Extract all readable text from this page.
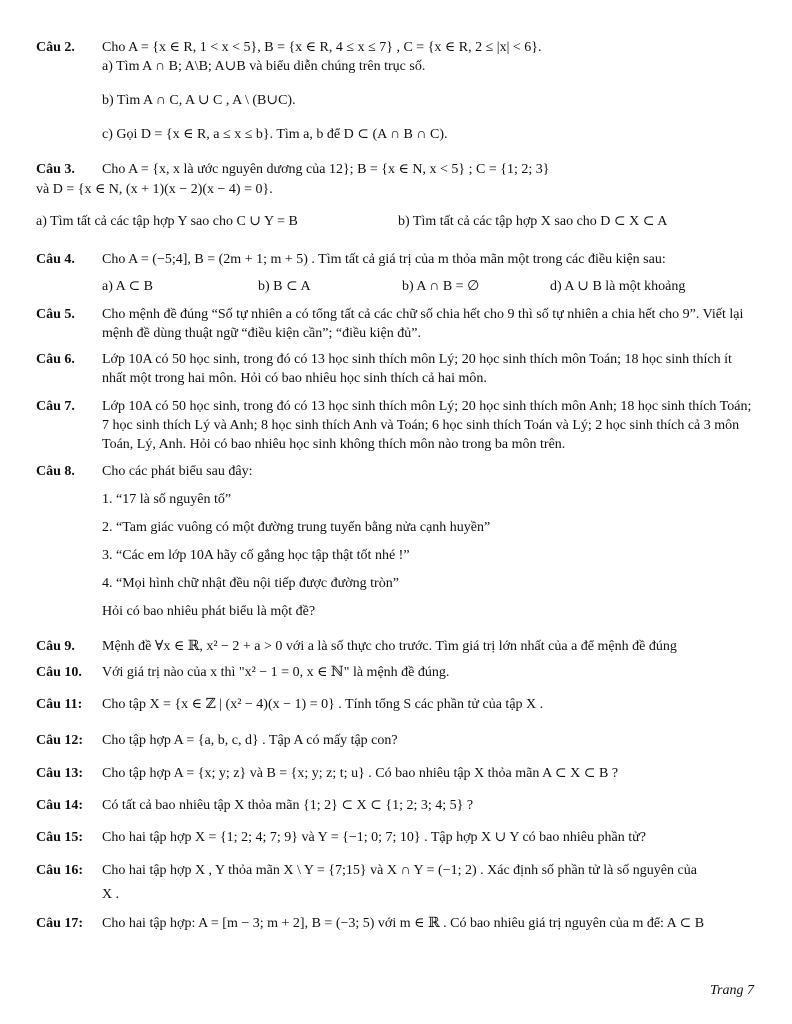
Câu 2. Cho A = {x ∈ R, 1 < x < 5}, B = {x ∈ R, 4 ≤ x ≤ 7} , C = {x ∈ R, 2 ≤ |x| < 6}.
a) Tìm A ∩ B; A\B; A∪B và biểu diễn chúng trên trục số.
b) Tìm A ∩ C, A ∪ C , A \ (B∪C).
c) Gọi D = {x ∈ R, a ≤ x ≤ b}. Tìm a, b để D ⊂ (A ∩ B ∩ C).
Câu 3. Cho A = {x, x là ước nguyên dương của 12}; B = {x ∈ N, x < 5} ; C = {1; 2; 3}
và D = {x ∈ N, (x + 1)(x − 2)(x − 4) = 0}.
a) Tìm tất cả các tập hợp Y sao cho C ∪ Y = B	b) Tìm tất cả các tập hợp X sao cho D ⊂ X ⊂ A
Câu 4. Cho A = (−5;4], B = (2m + 1; m + 5) . Tìm tất cả giá trị của m thỏa mãn một trong các điều kiện sau:
a) A ⊂ B	b) B ⊂ A	b) A ∩ B = ∅	d) A ∪ B là một khoảng
Câu 5. Cho mệnh đề đúng “Số tự nhiên a có tổng tất cả các chữ số chia hết cho 9 thì số tự nhiên a chia hết cho 9”. Viết lại mệnh đề dùng thuật ngữ “điều kiện cần”; “điều kiện đủ”.
Câu 6. Lớp 10A có 50 học sinh, trong đó có 13 học sinh thích môn Lý; 20 học sinh thích môn Toán; 18 học sinh thích ít nhất một trong hai môn. Hỏi có bao nhiêu học sinh thích cả hai môn.
Câu 7. Lớp 10A có 50 học sinh, trong đó có 13 học sinh thích môn Lý; 20 học sinh thích môn Anh; 18 học sinh thích Toán; 7 học sinh thích Lý và Anh; 8 học sinh thích Anh và Toán; 6 học sinh thích Toán và Lý; 2 học sinh thích cả 3 môn Toán, Lý, Anh. Hỏi có bao nhiêu học sinh không thích môn nào trong ba môn trên.
Câu 8. Cho các phát biểu sau đây:
1. “17 là số nguyên tố”
2. “Tam giác vuông có một đường trung tuyến bằng nửa cạnh huyền”
3. “Các em lớp 10A hãy cố gắng học tập thật tốt nhé !”
4. “Mọi hình chữ nhật đều nội tiếp được đường tròn”
Hỏi có bao nhiêu phát biểu là một đề?
Câu 9. Mệnh đề ∀x ∈ ℝ, x² − 2 + a > 0 với a là số thực cho trước. Tìm giá trị lớn nhất của a để mệnh đề đúng
Câu 10. Với giá trị nào của x thì "x² − 1 = 0, x ∈ ℕ" là mệnh đề đúng.
Câu 11: Cho tập X = {x ∈ ℤ | (x² − 4)(x − 1) = 0} . Tính tổng S các phần tử của tập X .
Câu 12: Cho tập hợp A = {a, b, c, d} . Tập A có mấy tập con?
Câu 13: Cho tập hợp A = {x; y; z} và B = {x; y; z; t; u} . Có bao nhiêu tập X thỏa mãn A ⊂ X ⊂ B ?
Câu 14: Có tất cả bao nhiêu tập X thỏa mãn {1; 2} ⊂ X ⊂ {1; 2; 3; 4; 5} ?
Câu 15: Cho hai tập hợp X = {1; 2; 4; 7; 9} và Y = {−1; 0; 7; 10} . Tập hợp X ∪ Y có bao nhiêu phần tử?
Câu 16: Cho hai tập hợp X , Y thỏa mãn X \ Y = {7;15} và X ∩ Y = (−1; 2) . Xác định số phần tử là số nguyên của
X .
Câu 17: Cho hai tập hợp: A = [m − 3; m + 2], B = (−3; 5) với m ∈ ℝ . Có bao nhiêu giá trị nguyên của m để: A ⊂ B
Trang 7
